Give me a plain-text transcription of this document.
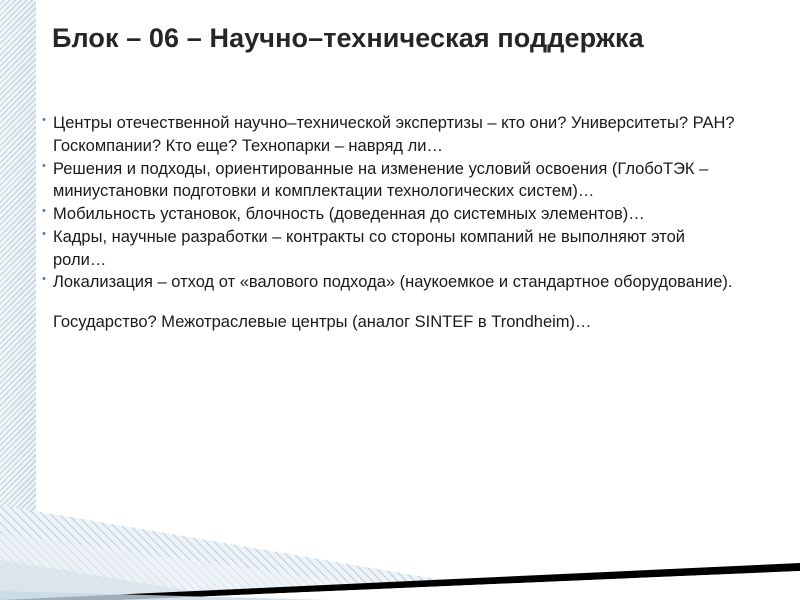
Блок – 06 – Научно–техническая поддержка
• Центры отечественной научно–технической экспертизы – кто они? Университеты? РАН? Госкомпании? Кто еще? Технопарки – навряд ли…
• Решения и подходы, ориентированные на изменение условий освоения (ГлобоТЭК – миниустановки подготовки и комплектации технологических систем)…
• Мобильность установок, блочность (доведенная до системных элементов)…
• Кадры, научные разработки – контракты со стороны компаний не выполняют этой роли…
• Локализация – отход от «валового подхода» (наукоемкое и стандартное оборудование).
Государство? Межотраслевые центры (аналог SINTEF в Trondheim)…
